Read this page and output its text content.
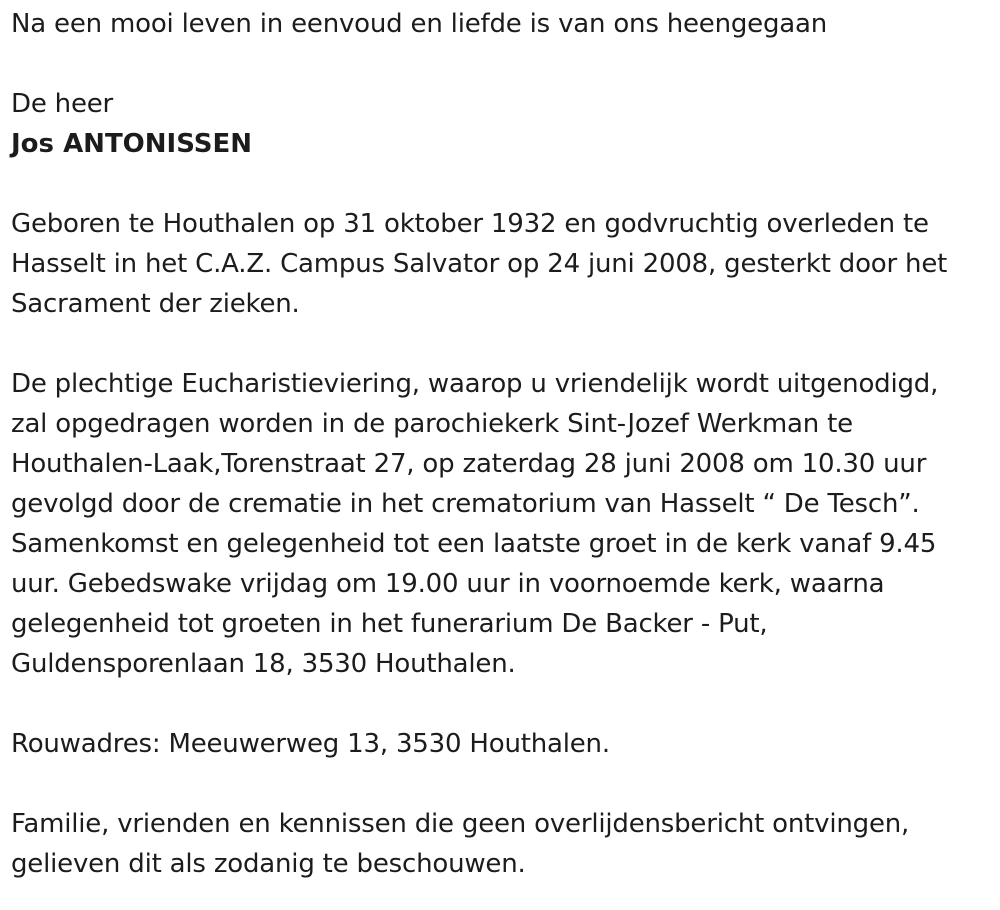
Na een mooi leven in eenvoud en liefde is van ons heengegaan
De heer
Jos ANTONISSEN
Geboren te Houthalen op 31 oktober 1932 en godvruchtig overleden te
Hasselt in het C.A.Z. Campus Salvator op 24 juni 2008, gesterkt door het
Sacrament der zieken.
De plechtige Eucharistieviering, waarop u vriendelijk wordt uitgenodigd,
zal opgedragen worden in de parochiekerk Sint-Jozef Werkman te
Houthalen-Laak,Torenstraat 27, op zaterdag 28 juni 2008 om 10.30 uur
gevolgd door de crematie in het crematorium van Hasselt “ De Tesch”.
Samenkomst en gelegenheid tot een laatste groet in de kerk vanaf 9.45
uur. Gebedswake vrijdag om 19.00 uur in voornoemde kerk, waarna
gelegenheid tot groeten in het funerarium De Backer - Put,
Guldensporenlaan 18, 3530 Houthalen.
Rouwadres: Meeuwerweg 13, 3530 Houthalen.
Familie, vrienden en kennissen die geen overlijdensbericht ontvingen,
gelieven dit als zodanig te beschouwen.
